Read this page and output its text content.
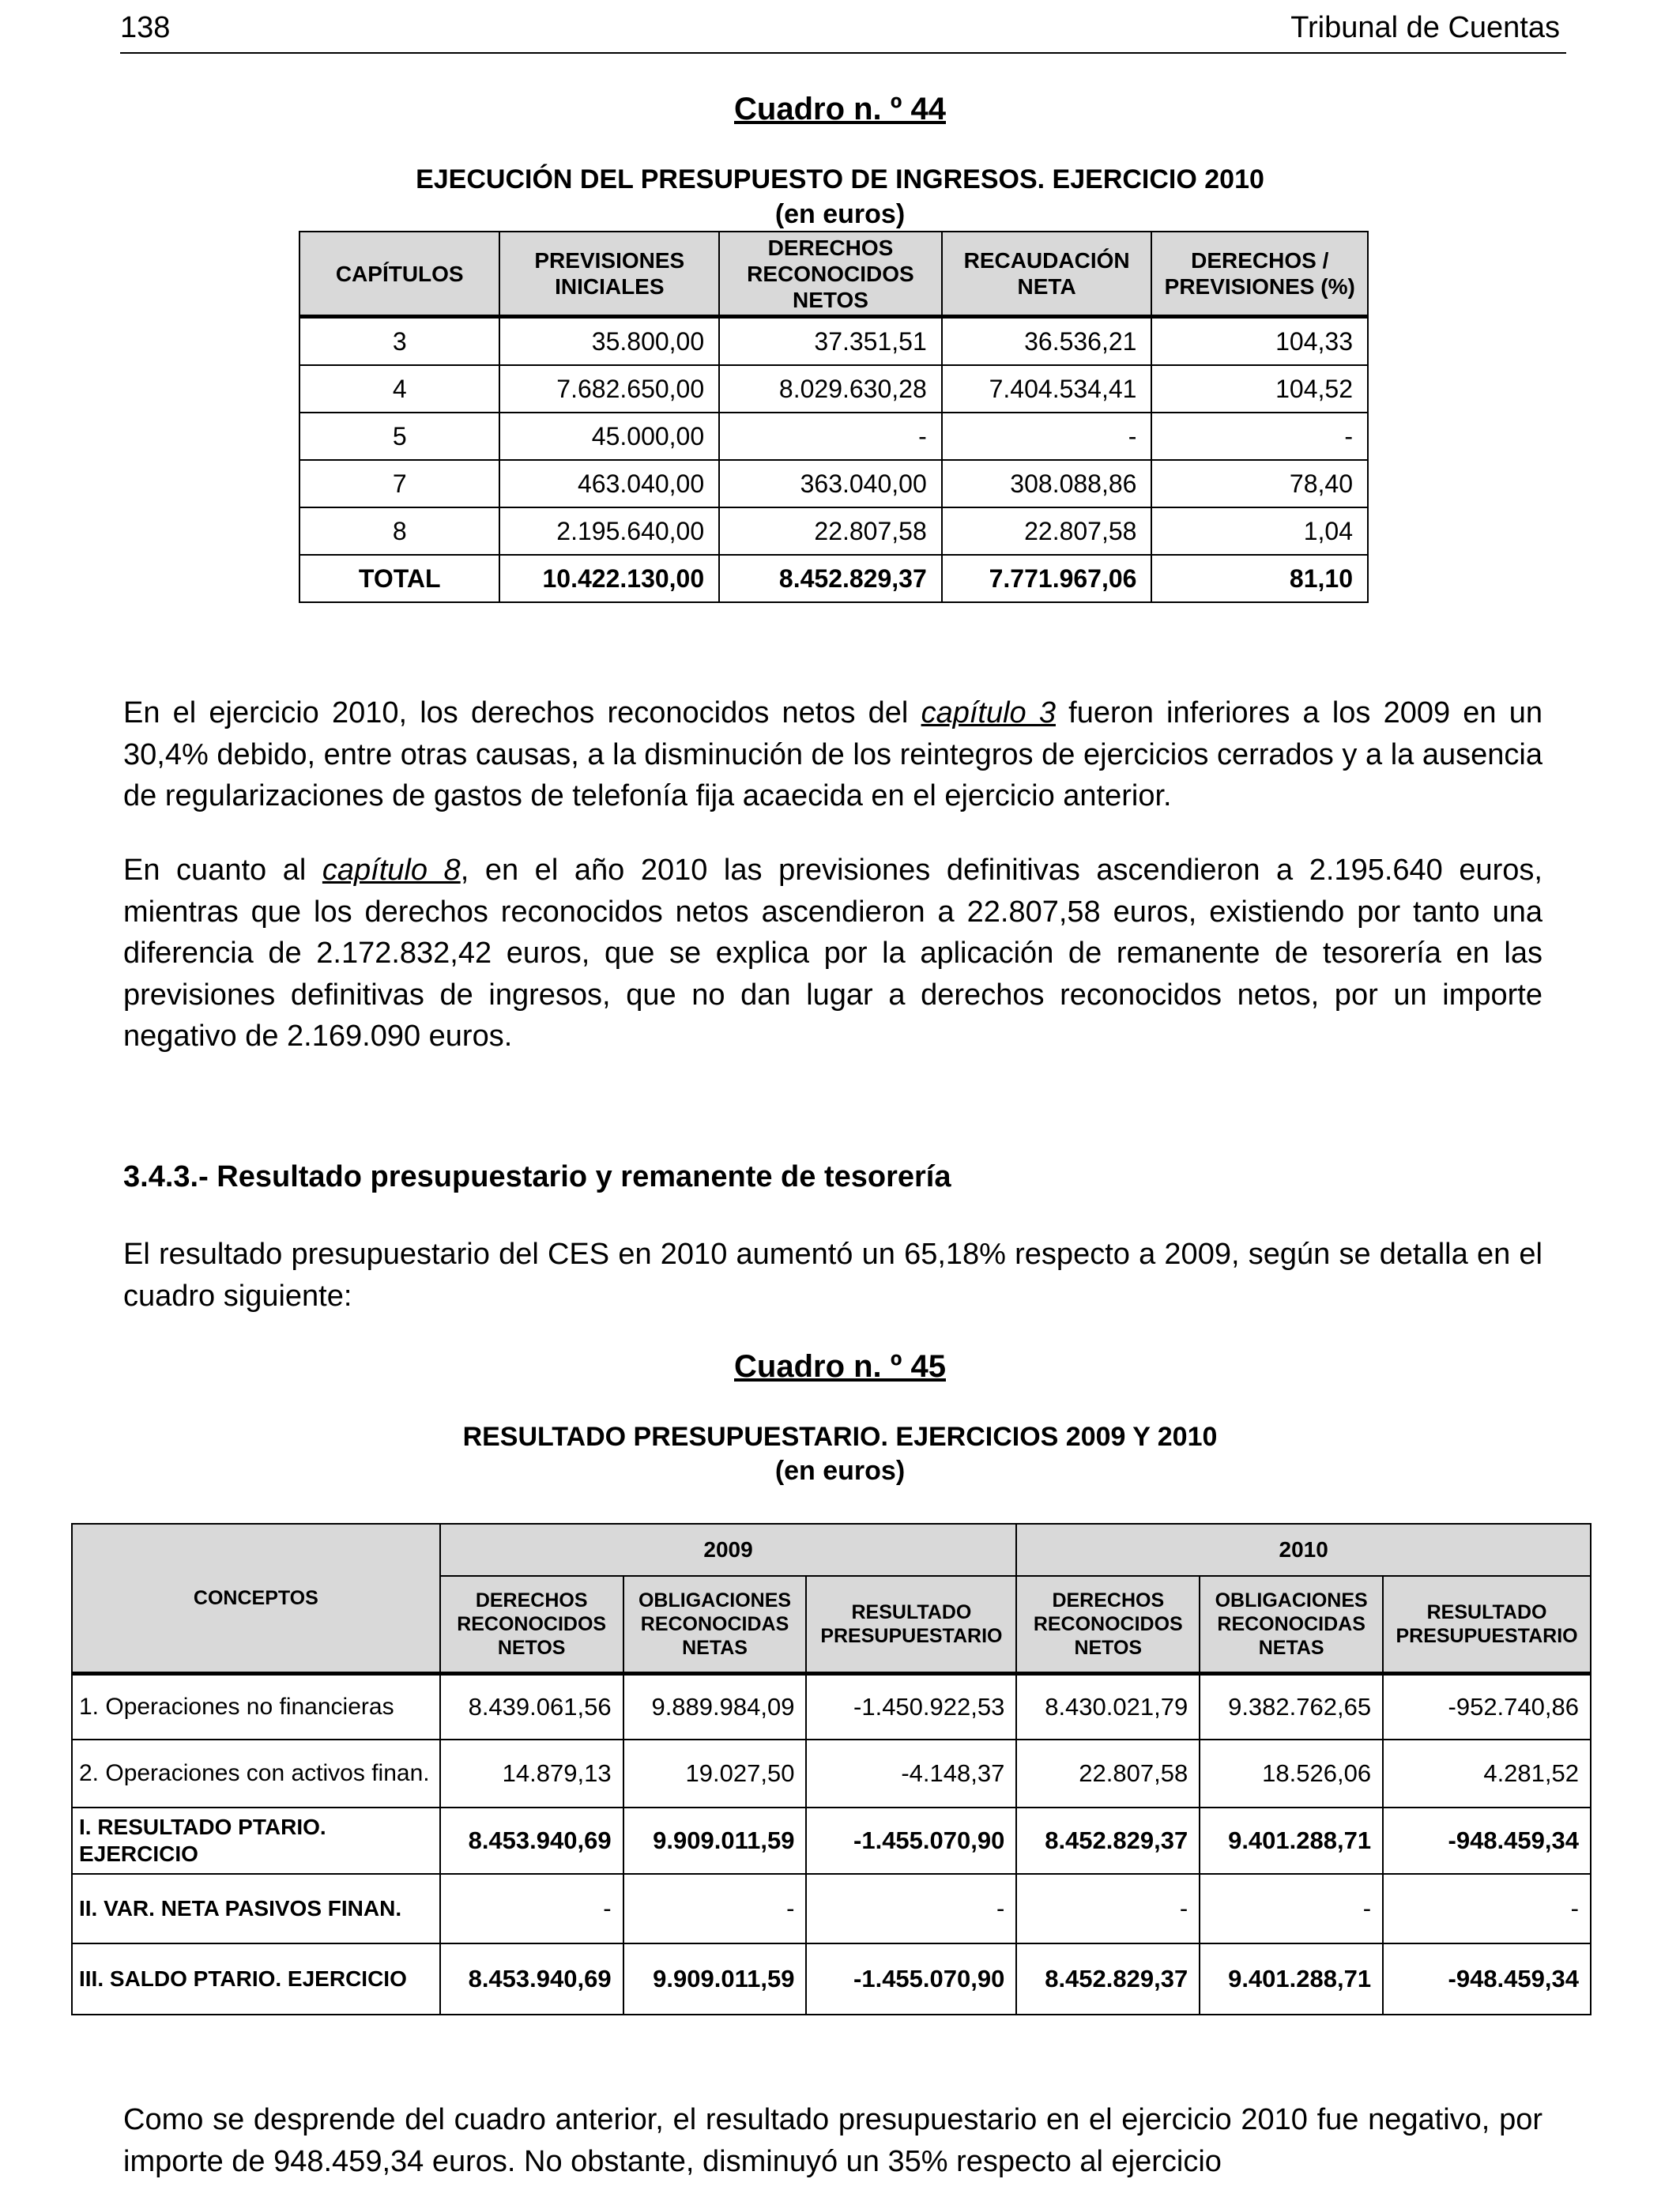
138	Tribunal de Cuentas
Cuadro n. º 44
EJECUCIÓN DEL PRESUPUESTO DE INGRESOS. EJERCICIO 2010
(en euros)
CAPÍTULOS	PREVISIONES INICIALES	DERECHOS RECONOCIDOS NETOS	RECAUDACIÓN NETA	DERECHOS / PREVISIONES (%)
3	35.800,00	37.351,51	36.536,21	104,33
4	7.682.650,00	8.029.630,28	7.404.534,41	104,52
5	45.000,00	-	-	-
7	463.040,00	363.040,00	308.088,86	78,40
8	2.195.640,00	22.807,58	22.807,58	1,04
TOTAL	10.422.130,00	8.452.829,37	7.771.967,06	81,10
En el ejercicio 2010, los derechos reconocidos netos del capítulo 3 fueron inferiores a los 2009 en un 30,4% debido, entre otras causas, a la disminución de los reintegros de ejercicios cerrados y a la ausencia de regularizaciones de gastos de telefonía fija acaecida en el ejercicio anterior.
En cuanto al capítulo 8, en el año 2010 las previsiones definitivas ascendieron a 2.195.640 euros, mientras que los derechos reconocidos netos ascendieron a 22.807,58 euros, existiendo por tanto una diferencia de 2.172.832,42 euros, que se explica por la aplicación de remanente de tesorería en las previsiones definitivas de ingresos, que no dan lugar a derechos reconocidos netos, por un importe negativo de 2.169.090 euros.
3.4.3.- Resultado presupuestario y remanente de tesorería
El resultado presupuestario del CES en 2010 aumentó un 65,18% respecto a 2009, según se detalla en el cuadro siguiente:
Cuadro n. º 45
RESULTADO PRESUPUESTARIO. EJERCICIOS 2009 Y 2010
(en euros)
CONCEPTOS	2009			2010		
	DERECHOS RECONOCIDOS NETOS	OBLIGACIONES RECONOCIDAS NETAS	RESULTADO PRESUPUESTARIO	DERECHOS RECONOCIDOS NETOS	OBLIGACIONES RECONOCIDAS NETAS	RESULTADO PRESUPUESTARIO
1. Operaciones no financieras	8.439.061,56	9.889.984,09	-1.450.922,53	8.430.021,79	9.382.762,65	-952.740,86
2. Operaciones con activos finan.	14.879,13	19.027,50	-4.148,37	22.807,58	18.526,06	4.281,52
I. RESULTADO PTARIO. EJERCICIO	8.453.940,69	9.909.011,59	-1.455.070,90	8.452.829,37	9.401.288,71	-948.459,34
II. VAR. NETA PASIVOS FINAN.	-	-	-	-	-	-
III. SALDO PTARIO. EJERCICIO	8.453.940,69	9.909.011,59	-1.455.070,90	8.452.829,37	9.401.288,71	-948.459,34
Como se desprende del cuadro anterior, el resultado presupuestario en el ejercicio 2010 fue negativo, por importe de 948.459,34 euros. No obstante, disminuyó un 35% respecto al ejercicio
